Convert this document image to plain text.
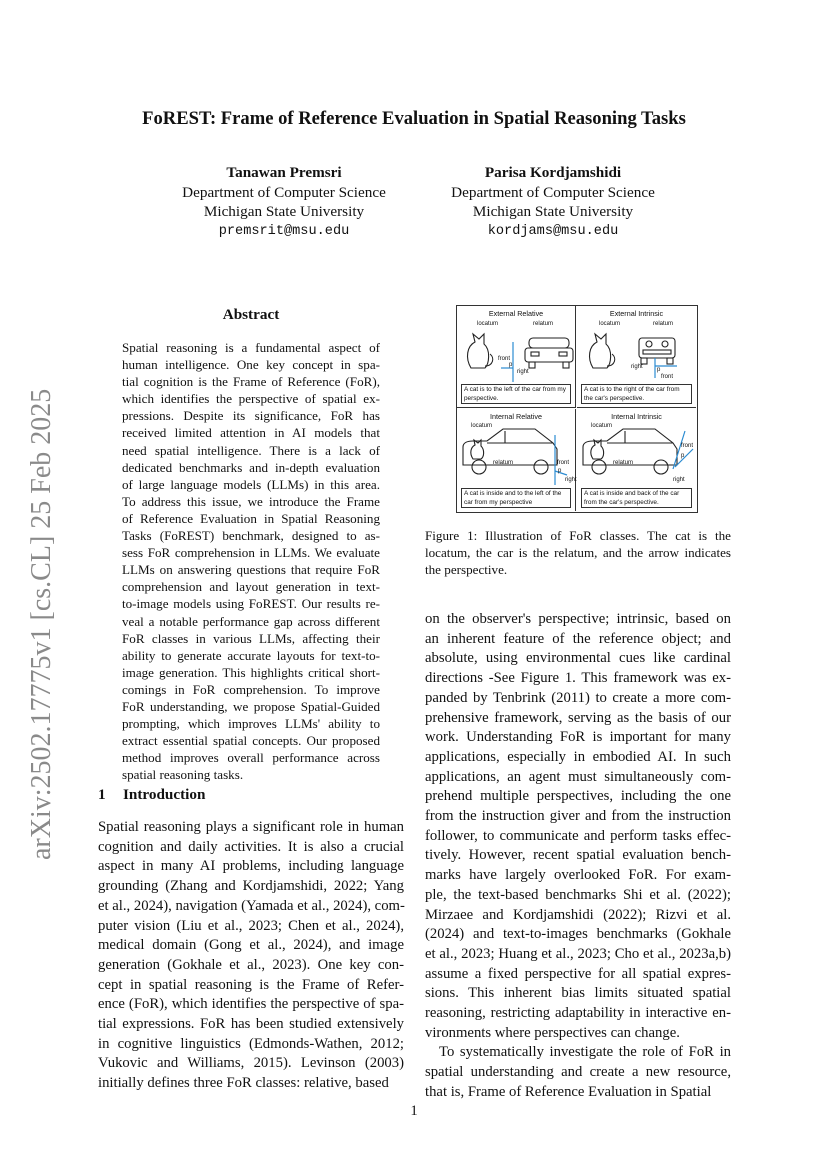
arXiv:2502.17775v1 [cs.CL] 25 Feb 2025
FoREST: Frame of Reference Evaluation in Spatial Reasoning Tasks
Tanawan Premsri
Department of Computer Science
Michigan State University
premsrit@msu.edu
Parisa Kordjamshidi
Department of Computer Science
Michigan State University
kordjams@msu.edu
Abstract
Spatial reasoning is a fundamental aspect of
human intelligence. One key concept in spa-
tial cognition is the Frame of Reference (FoR),
which identifies the perspective of spatial ex-
pressions. Despite its significance, FoR has
received limited attention in AI models that
need spatial intelligence. There is a lack of
dedicated benchmarks and in-depth evaluation
of large language models (LLMs) in this area.
To address this issue, we introduce the Frame
of Reference Evaluation in Spatial Reasoning
Tasks (FoREST) benchmark, designed to as-
sess FoR comprehension in LLMs. We evaluate
LLMs on answering questions that require FoR
comprehension and layout generation in text-
to-image models using FoREST. Our results re-
veal a notable performance gap across different
FoR classes in various LLMs, affecting their
ability to generate accurate layouts for text-to-
image generation. This highlights critical short-
comings in FoR comprehension. To improve
FoR understanding, we propose Spatial-Guided
prompting, which improves LLMs' ability to
extract essential spatial concepts. Our proposed
method improves overall performance across
spatial reasoning tasks.
1 Introduction
Spatial reasoning plays a significant role in human
cognition and daily activities. It is also a crucial
aspect in many AI problems, including language
grounding (Zhang and Kordjamshidi, 2022; Yang
et al., 2024), navigation (Yamada et al., 2024), com-
puter vision (Liu et al., 2023; Chen et al., 2024),
medical domain (Gong et al., 2024), and image
generation (Gokhale et al., 2023). One key con-
cept in spatial reasoning is the Frame of Refer-
ence (FoR), which identifies the perspective of spa-
tial expressions. FoR has been studied extensively
in cognitive linguistics (Edmonds-Wathen, 2012;
Vukovic and Williams, 2015). Levinson (2003)
initially defines three FoR classes: relative, based
on the observer's perspective; intrinsic, based on
an inherent feature of the reference object; and
absolute, using environmental cues like cardinal
directions -See Figure 1. This framework was ex-
panded by Tenbrink (2011) to create a more com-
prehensive framework, serving as the basis of our
work. Understanding FoR is important for many
applications, especially in embodied AI. In such
applications, an agent must simultaneously com-
prehend multiple perspectives, including the one
from the instruction giver and from the instruction
follower, to communicate and perform tasks effec-
tively. However, recent spatial evaluation bench-
marks have largely overlooked FoR. For exam-
ple, the text-based benchmarks Shi et al. (2022);
Mirzaee and Kordjamshidi (2022); Rizvi et al.
(2024) and text-to-images benchmarks (Gokhale
et al., 2023; Huang et al., 2023; Cho et al., 2023a,b)
assume a fixed perspective for all spatial expres-
sions. This inherent bias limits situated spatial
reasoning, restricting adaptability in interactive en-
vironments where perspectives can change.
To systematically investigate the role of FoR in
spatial understanding and create a new resource,
that is, Frame of Reference Evaluation in Spatial
External Relative
locatum	relatum
front
right
p
A cat is to the left of the car from my perspective.
External Intrinsic
locatum	relatum
right
front
p
A cat is to the right of the car from the car's perspective.
Internal Relative
locatum
relatum	front
right
p
A cat is inside and to the left of the car from my perspective
Internal Intrinsic
locatum
relatum
front
right
p
A cat is inside and back of the car from the car's perspective.
Figure 1: Illustration of FoR classes. The cat is the
locatum, the car is the relatum, and the arrow indicates
the perspective.
1
